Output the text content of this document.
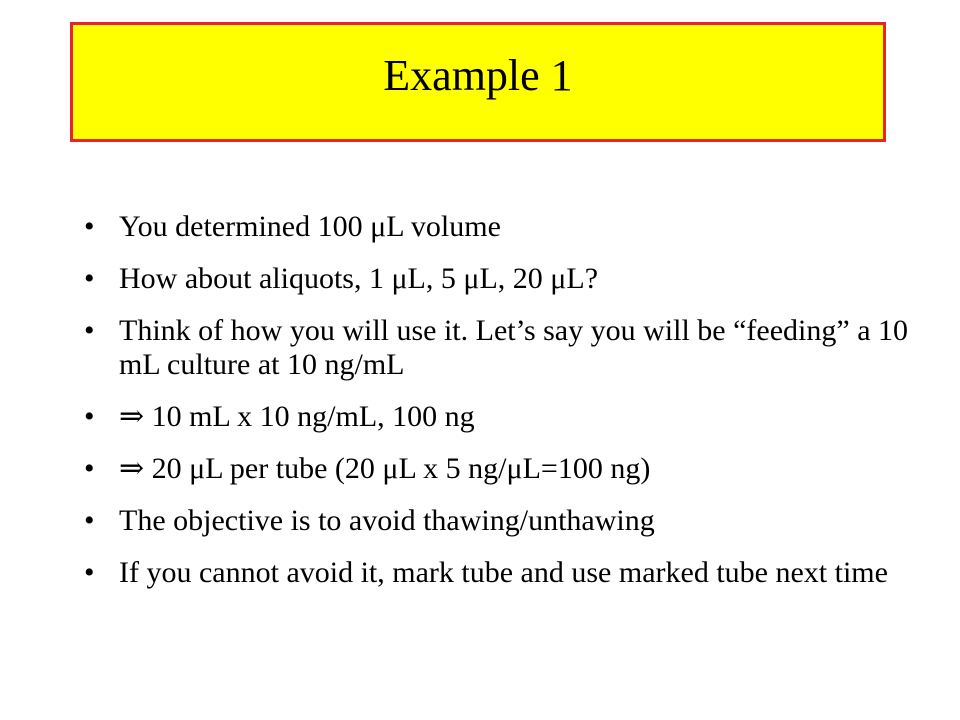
Example 1
• You determined 100 μL volume
• How about aliquots, 1 μL, 5 μL, 20 μL?
• Think of how you will use it. Let’s say you will be “feeding” a 10 mL culture at 10 ng/mL
• ⇒ 10 mL x 10 ng/mL, 100 ng
• ⇒ 20 μL per tube (20 μL x 5 ng/μL=100 ng)
• The objective is to avoid thawing/unthawing
• If you cannot avoid it, mark tube and use marked tube next time
